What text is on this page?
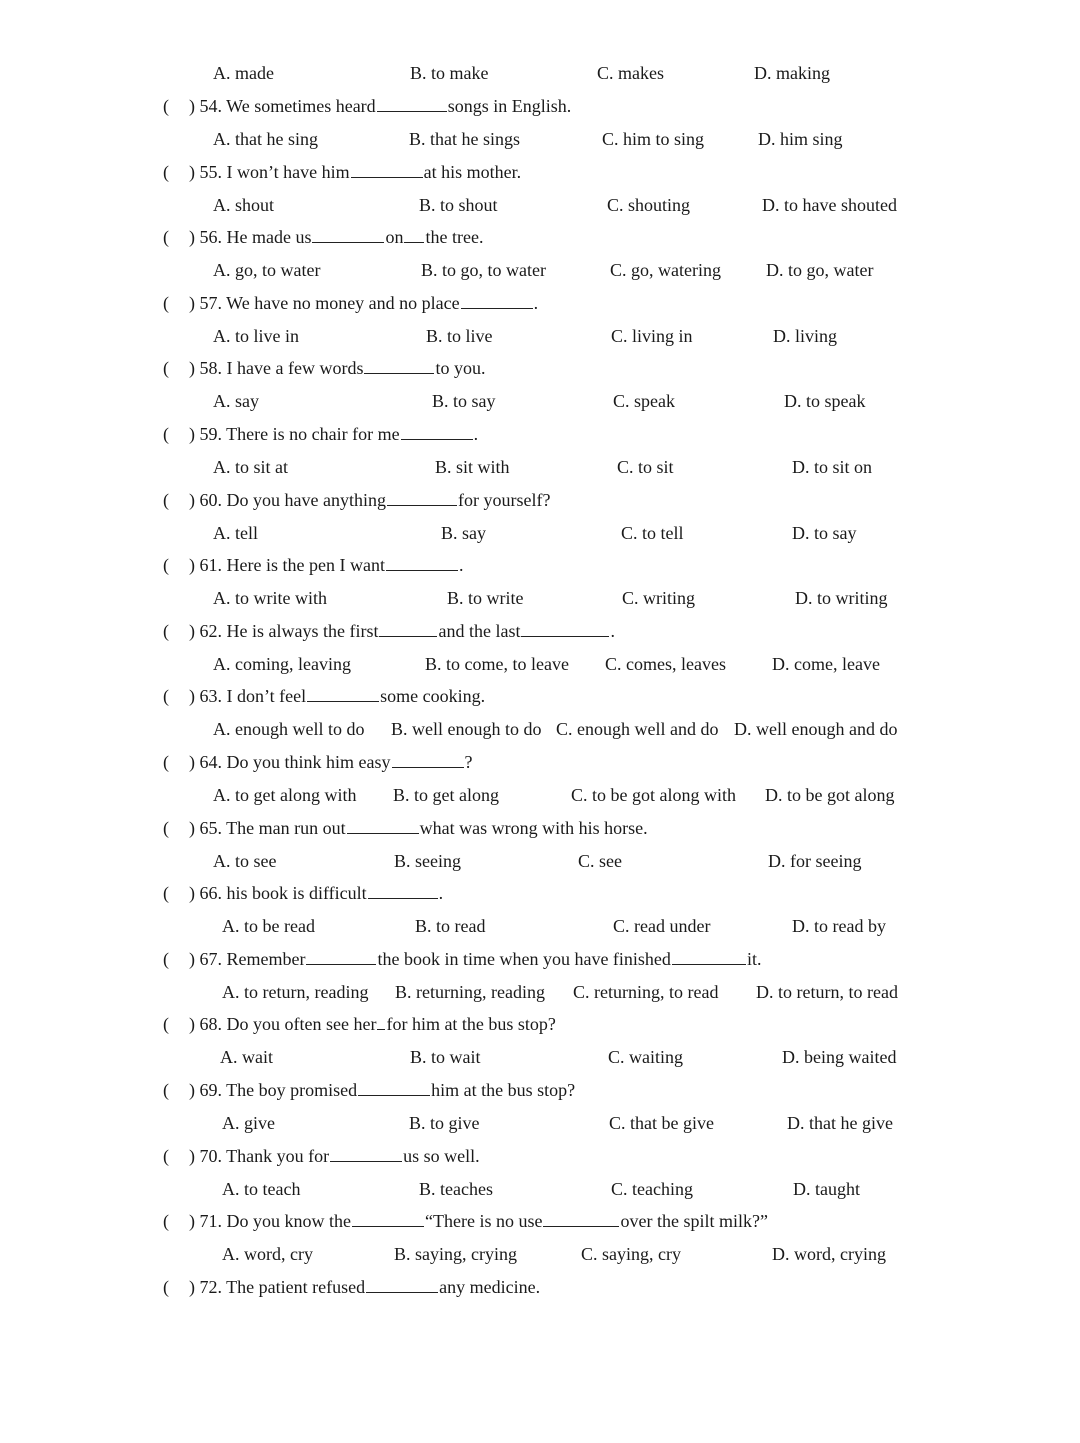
A. made	B. to make	C. makes	D. making
( ) 54. We sometimes heard	songs in English.
A. that he sing	B. that he sings	C. him to sing	D. him sing
( ) 55. I won’t have him	at his mother.
A. shout	B. to shout	C. shouting	D. to have shouted
( ) 56. He made us	on the tree.
A. go, to water	B. to go, to water	C. go, watering	D. to go, water
( ) 57. We have no money and no place	.
A. to live in	B. to live	C. living in	D. living
( ) 58. I have a few words	to you.
A. say	B. to say	C. speak	D. to speak
( ) 59. There is no chair for me	.
A. to sit at	B. sit with	C. to sit	D. to sit on
( ) 60. Do you have anything	for yourself?
A. tell	B. say	C. to tell	D. to say
( ) 61. Here is the pen I want	.
A. to write with	B. to write	C. writing	D. to writing
( ) 62. He is always the first	and the last	.
A. coming, leaving	B. to come, to leave C. comes, leaves	D. come, leave
( ) 63. I don’t feel	some cooking.
A. enough well to do B. well enough to do C. enough well and do D. well enough and do
( ) 64. Do you think him easy	?
A. to get along with B. to get along	C. to be got along with D. to be got along
( ) 65. The man run out	what was wrong with his horse.
A. to see	B. seeing	C. see	D. for seeing
( ) 66. his book is difficult	.
A. to be read	B. to read	C. read under	D. to read by
( ) 67. Remember	the book in time when you have finished	it.
A. to return, reading B. returning, reading C. returning, to read D. to return, to read
( ) 68. Do you often see her for him at the bus stop?
A. wait	B. to wait	C. waiting	D. being waited
( ) 69. The boy promised	him at the bus stop?
A. give	B. to give	C. that be give	D. that he give
( ) 70. Thank you for	us so well.
A. to teach	B. teaches	C. teaching	D. taught
( ) 71. Do you know the	“There is no use	over the spilt milk?”
A. word, cry	B. saying, crying	C. saying, cry	D. word, crying
( ) 72. The patient refused	any medicine.
